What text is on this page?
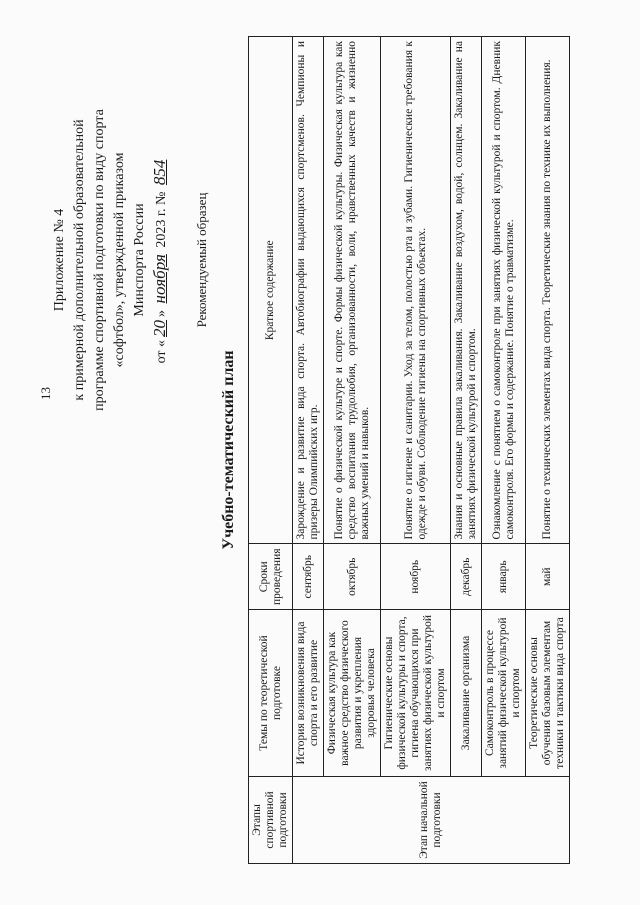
13
Приложение № 4 к примерной дополнительной образовательной программе спортивной подготовки по виду спорта «софтбол», утвержденной приказом Минспорта России
от «20» ноября 2023 г. № 854
Рекомендуемый образец
Учебно-тематический план
Этапы спортивной подготовки	Темы по теоретической подготовке	Сроки проведения	Краткое содержание
Этап начальной подготовки	История возникновения вида спорта и его развитие	сентябрь	Зарождение и развитие вида спорта. Автобиографии выдающихся спортсменов. Чемпионы и призеры Олимпийских игр.
	Физическая культура как важное средство физического развития и укрепления здоровья человека	октябрь	Понятие о физической культуре и спорте. Формы физической культуры. Физическая культура как средство воспитания трудолюбия, организованности, воли, нравственных качеств и жизненно важных умений и навыков.
	Гигиенические основы физической культуры и спорта, гигиена обучающихся при занятиях физической культурой и спортом	ноябрь	Понятие о гигиене и санитарии. Уход за телом, полостью рта и зубами. Гигиенические требования к одежде и обуви. Соблюдение гигиены на спортивных объектах.
	Закаливание организма	декабрь	Знания и основные правила закаливания. Закаливание воздухом, водой, солнцем. Закаливание на занятиях физической культурой и спортом.
	Самоконтроль в процессе занятий физической культурой и спортом	январь	Ознакомление с понятием о самоконтроле при занятиях физической культурой и спортом. Дневник самоконтроля. Его формы и содержание. Понятие о травматизме.
	Теоретические основы обучения базовым элементам техники и тактики вида спорта	май	Понятие о технических элементах вида спорта. Теоретические знания по технике их выполнения.
